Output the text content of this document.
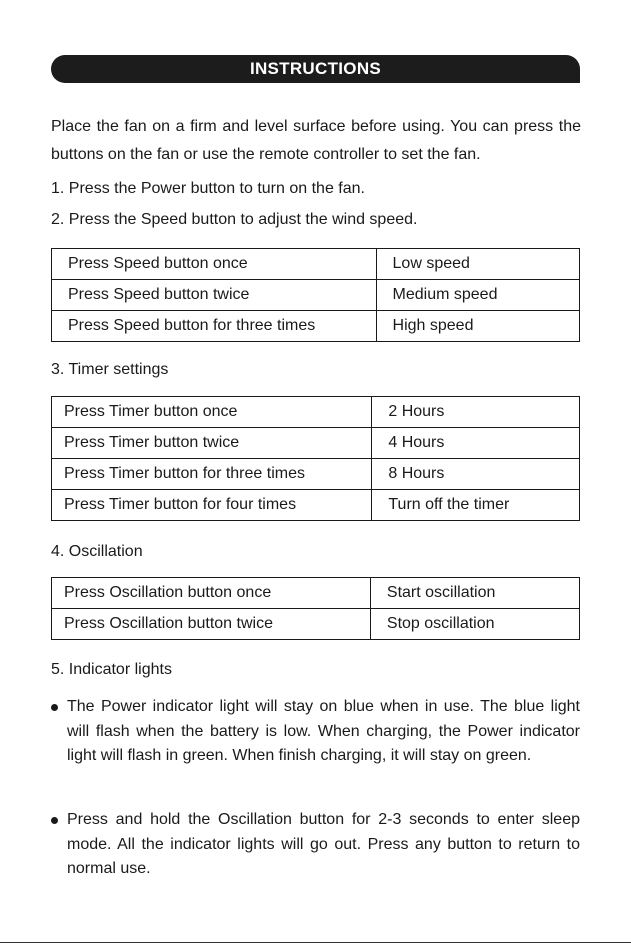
INSTRUCTIONS
Place the fan on a firm and level surface before using. You can press the buttons on the fan or use the remote controller to set the fan.
1. Press the Power button to turn on the fan.
2. Press the Speed button to adjust the wind speed.
Press Speed button once	Low speed
Press Speed button twice	Medium speed
Press Speed button for three times	High speed
3. Timer settings
Press Timer button once	2 Hours
Press Timer button twice	4 Hours
Press Timer button for three times	8 Hours
Press Timer button for four times	Turn off the timer
4. Oscillation
Press Oscillation button once	Start oscillation
Press Oscillation button twice	Stop oscillation
5. Indicator lights
The Power indicator light will stay on blue when in use. The blue light will flash when the battery is low. When charging, the Power indicator light will flash in green. When finish charging, it will stay on green.
Press and hold the Oscillation button for 2-3 seconds to enter sleep mode. All the indicator lights will go out. Press any button to return to normal use.
